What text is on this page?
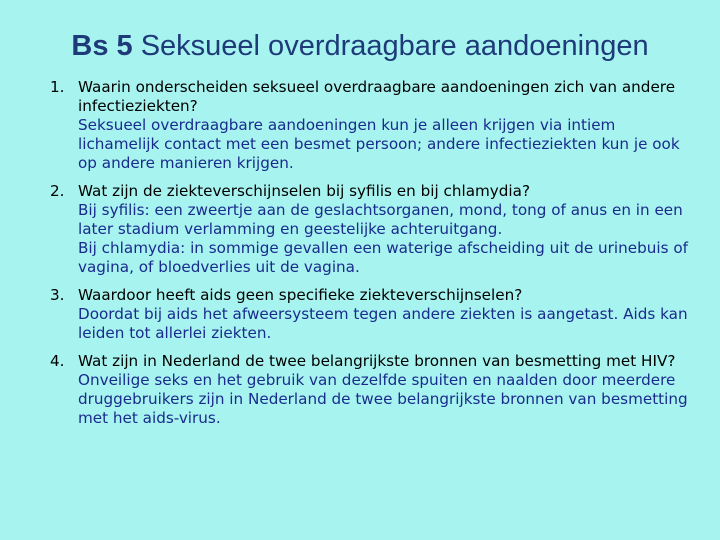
Bs 5 Seksueel overdraagbare aandoeningen
1. Waarin onderscheiden seksueel overdraagbare aandoeningen zich van andere infectieziekten?
Seksueel overdraagbare aandoeningen kun je alleen krijgen via intiem lichamelijk contact met een besmet persoon; andere infectieziekten kun je ook op andere manieren krijgen.
2. Wat zijn de ziekteverschijnselen bij syfilis en bij chlamydia?
Bij syfilis: een zweertje aan de geslachtsorganen, mond, tong of anus en in een later stadium verlamming en geestelijke achteruitgang.
Bij chlamydia: in sommige gevallen een waterige afscheiding uit de urinebuis of vagina, of bloedverlies uit de vagina.
3. Waardoor heeft aids geen specifieke ziekteverschijnselen?
Doordat bij aids het afweersysteem tegen andere ziekten is aangetast. Aids kan leiden tot allerlei ziekten.
4. Wat zijn in Nederland de twee belangrijkste bronnen van besmetting met HIV?
Onveilige seks en het gebruik van dezelfde spuiten en naalden door meerdere druggebruikers zijn in Nederland de twee belangrijkste bronnen van besmetting met het aids-virus.
